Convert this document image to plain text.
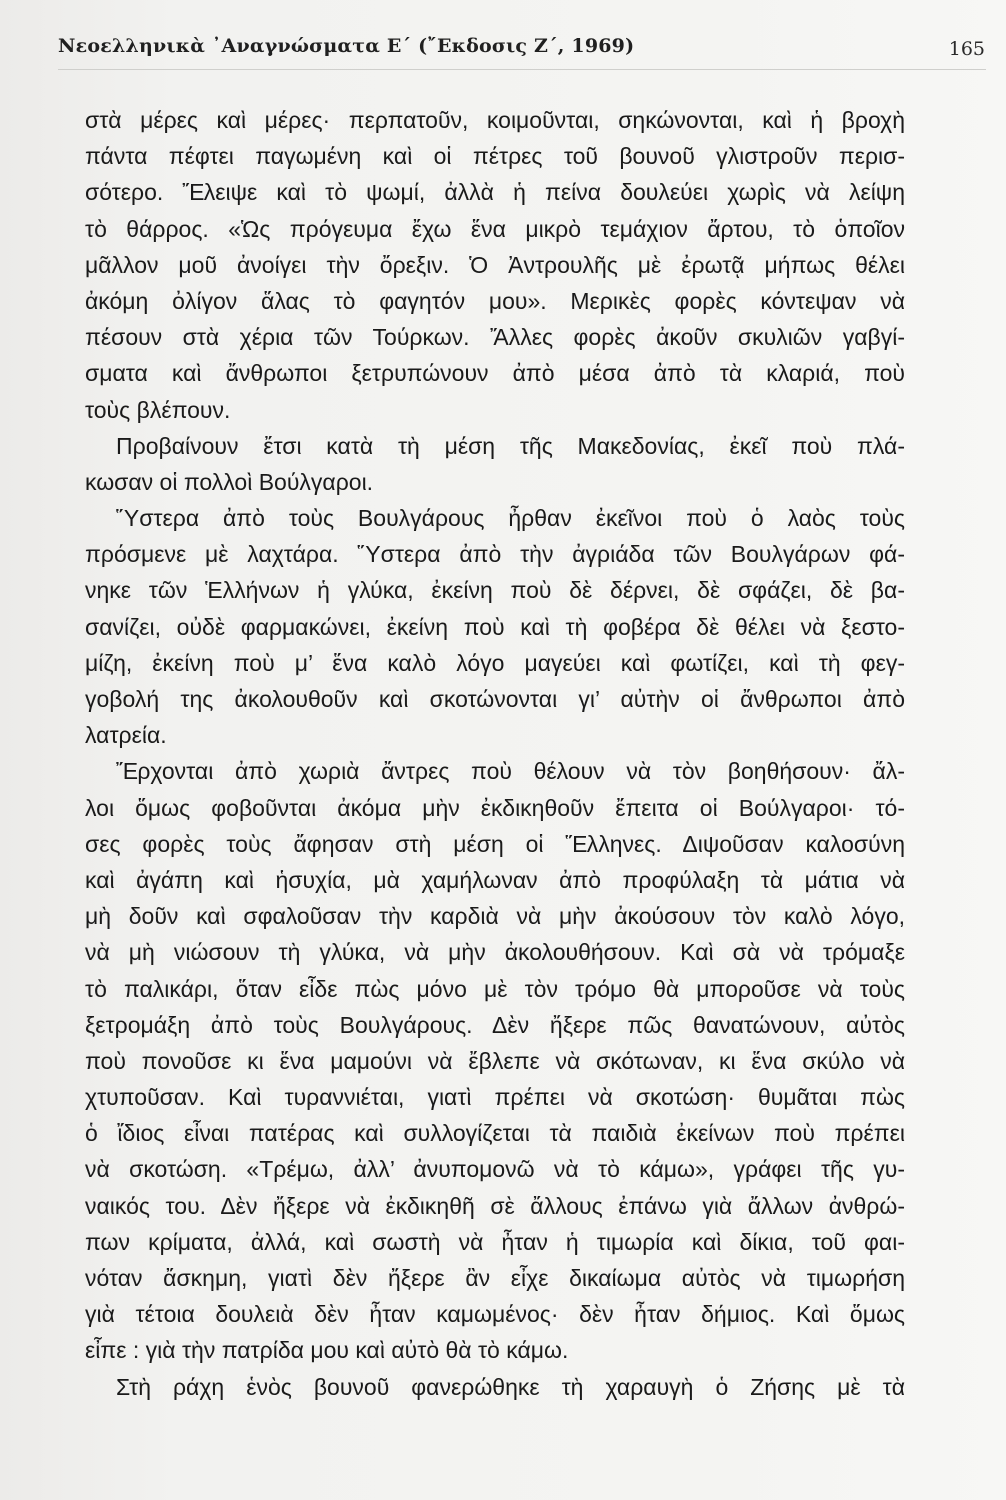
Νεοελληνικὰ ᾿Αναγνώσματα Ε΄ (῎Εκδοσις Ζ΄, 1969)	165
στὰ μέρες καὶ μέρες· περπατοῦν, κοιμοῦνται, σηκώνονται, καὶ ἡ βροχὴ
πάντα πέφτει παγωμένη καὶ οἱ πέτρες τοῦ βουνοῦ γλιστροῦν περισ-
σότερο. Ἔλειψε καὶ τὸ ψωμί, ἀλλὰ ἡ πείνα δουλεύει χωρὶς νὰ λείψη
τὸ θάρρος. «Ὡς πρόγευμα ἔχω ἕνα μικρὸ τεμάχιον ἄρτου, τὸ ὁποῖον
μᾶλλον μοῦ ἀνοίγει τὴν ὄρεξιν. Ὁ Ἀντρουλῆς μὲ ἐρωτᾷ μήπως θέλει
ἀκόμη ὀλίγον ἅλας τὸ φαγητόν μου». Μερικὲς φορὲς κόντεψαν νὰ
πέσουν στὰ χέρια τῶν Τούρκων. Ἄλλες φορὲς ἀκοῦν σκυλιῶν γαβγί-
σματα καὶ ἄνθρωποι ξετρυπώνουν ἀπὸ μέσα ἀπὸ τὰ κλαριά, ποὺ
τοὺς βλέπουν.
Προβαίνουν ἔτσι κατὰ τὴ μέση τῆς Μακεδονίας, ἐκεῖ ποὺ πλά-
κωσαν οἱ πολλοὶ Βούλγαροι.
Ὕστερα ἀπὸ τοὺς Βουλγάρους ἦρθαν ἐκεῖνοι ποὺ ὁ λαὸς τοὺς
πρόσμενε μὲ λαχτάρα. Ὕστερα ἀπὸ τὴν ἀγριάδα τῶν Βουλγάρων φά-
νηκε τῶν Ἑλλήνων ἡ γλύκα, ἐκείνη ποὺ δὲ δέρνει, δὲ σφάζει, δὲ βα-
σανίζει, οὐδὲ φαρμακώνει, ἐκείνη ποὺ καὶ τὴ φοβέρα δὲ θέλει νὰ ξεστο-
μίζη, ἐκείνη ποὺ μ’ ἕνα καλὸ λόγο μαγεύει καὶ φωτίζει, καὶ τὴ φεγ-
γοβολή της ἀκολουθοῦν καὶ σκοτώνονται γι’ αὐτὴν οἱ ἄνθρωποι ἀπὸ
λατρεία.
Ἔρχονται ἀπὸ χωριὰ ἄντρες ποὺ θέλουν νὰ τὸν βοηθήσουν· ἄλ-
λοι ὅμως φοβοῦνται ἀκόμα μὴν ἐκδικηθοῦν ἔπειτα οἱ Βούλγαροι· τό-
σες φορὲς τοὺς ἄφησαν στὴ μέση οἱ Ἕλληνες. Διψοῦσαν καλοσύνη
καὶ ἀγάπη καὶ ἡσυχία, μὰ χαμήλωναν ἀπὸ προφύλαξη τὰ μάτια νὰ
μὴ δοῦν καὶ σφαλοῦσαν τὴν καρδιὰ νὰ μὴν ἀκούσουν τὸν καλὸ λόγο,
νὰ μὴ νιώσουν τὴ γλύκα, νὰ μὴν ἀκολουθήσουν. Καὶ σὰ νὰ τρόμαξε
τὸ παλικάρι, ὅταν εἶδε πὼς μόνο μὲ τὸν τρόμο θὰ μποροῦσε νὰ τοὺς
ξετρομάξη ἀπὸ τοὺς Βουλγάρους. Δὲν ἤξερε πῶς θανατώνουν, αὐτὸς
ποὺ πονοῦσε κι ἕνα μαμούνι νὰ ἔβλεπε νὰ σκότωναν, κι ἕνα σκύλο νὰ
χτυποῦσαν. Καὶ τυραννιέται, γιατὶ πρέπει νὰ σκοτώση· θυμᾶται πὼς
ὁ ἴδιος εἶναι πατέρας καὶ συλλογίζεται τὰ παιδιὰ ἐκείνων ποὺ πρέπει
νὰ σκοτώση. «Τρέμω, ἀλλ’ ἀνυπομονῶ νὰ τὸ κάμω», γράφει τῆς γυ-
ναικός του. Δὲν ἤξερε νὰ ἐκδικηθῆ σὲ ἄλλους ἐπάνω γιὰ ἄλλων ἀνθρώ-
πων κρίματα, ἀλλά, καὶ σωστὴ νὰ ἦταν ἡ τιμωρία καὶ δίκια, τοῦ φαι-
νόταν ἄσκημη, γιατὶ δὲν ἤξερε ἂν εἶχε δικαίωμα αὐτὸς νὰ τιμωρήση
γιὰ τέτοια δουλειὰ δὲν ἦταν καμωμένος· δὲν ἦταν δήμιος. Καὶ ὅμως
εἶπε : γιὰ τὴν πατρίδα μου καὶ αὐτὸ θὰ τὸ κάμω.
Στὴ ράχη ἑνὸς βουνοῦ φανερώθηκε τὴ χαραυγὴ ὁ Ζήσης μὲ τὰ
